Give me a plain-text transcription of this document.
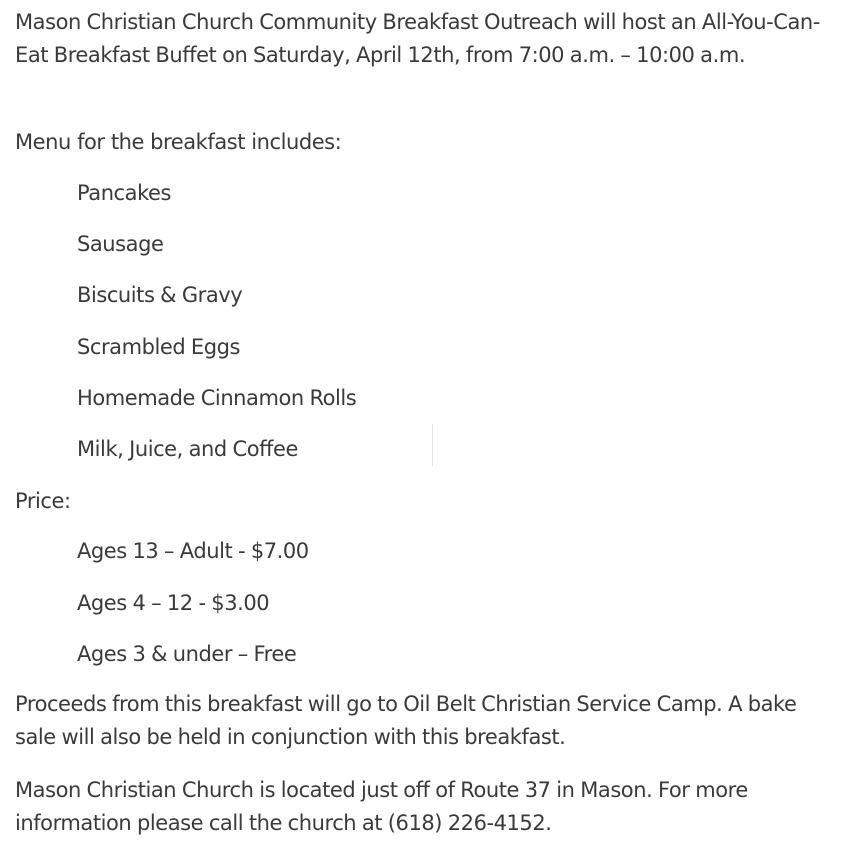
Mason Christian Church Community Breakfast Outreach will host an All-You-Can-Eat Breakfast Buffet on Saturday, April 12th, from 7:00 a.m. – 10:00 a.m.

Menu for the breakfast includes:

Pancakes

Sausage

Biscuits & Gravy

Scrambled Eggs

Homemade Cinnamon Rolls

Milk, Juice, and Coffee

Price:

Ages 13 – Adult - $7.00

Ages 4 – 12 - $3.00

Ages 3 & under – Free

Proceeds from this breakfast will go to Oil Belt Christian Service Camp. A bake sale will also be held in conjunction with this breakfast.

Mason Christian Church is located just off of Route 37 in Mason. For more information please call the church at (618) 226-4152.
